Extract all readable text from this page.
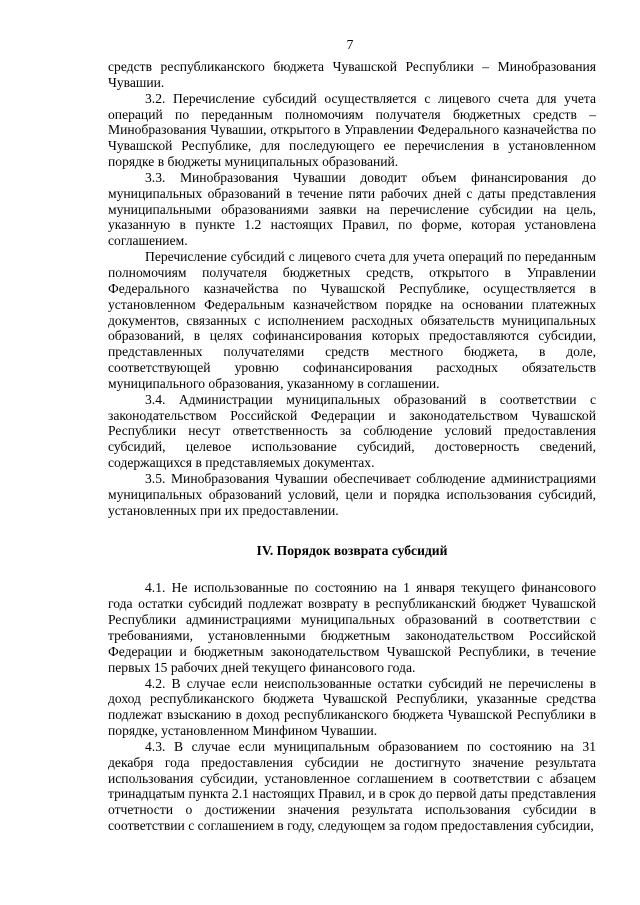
7

средств республиканского бюджета Чувашской Республики – Минобразования Чувашии.

3.2. Перечисление субсидий осуществляется с лицевого счета для учета операций по переданным полномочиям получателя бюджетных средств – Минобразования Чувашии, открытого в Управлении Федерального казначейства по Чувашской Республике, для последующего ее перечисления в установленном порядке в бюджеты муниципальных образований.

3.3. Минобразования Чувашии доводит объем финансирования до муниципальных образований в течение пяти рабочих дней с даты представления муниципальными образованиями заявки на перечисление субсидии на цель, указанную в пункте 1.2 настоящих Правил, по форме, которая установлена соглашением.

Перечисление субсидий с лицевого счета для учета операций по переданным полномочиям получателя бюджетных средств, открытого в Управлении Федерального казначейства по Чувашской Республике, осуществляется в установленном Федеральным казначейством порядке на основании платежных документов, связанных с исполнением расходных обязательств муниципальных образований, в целях софинансирования которых предоставляются субсидии, представленных получателями средств местного бюджета, в доле, соответствующей уровню софинансирования расходных обязательств муниципального образования, указанному в соглашении.

3.4. Администрации муниципальных образований в соответствии с законодательством Российской Федерации и законодательством Чувашской Республики несут ответственность за соблюдение условий предоставления субсидий, целевое использование субсидий, достоверность сведений, содержащихся в представляемых документах.

3.5. Минобразования Чувашии обеспечивает соблюдение администрациями муниципальных образований условий, цели и порядка использования субсидий, установленных при их предоставлении.

IV. Порядок возврата субсидий

4.1. Не использованные по состоянию на 1 января текущего финансового года остатки субсидий подлежат возврату в республиканский бюджет Чувашской Республики администрациями муниципальных образований в соответствии с требованиями, установленными бюджетным законодательством Российской Федерации и бюджетным законодательством Чувашской Республики, в течение первых 15 рабочих дней текущего финансового года.

4.2. В случае если неиспользованные остатки субсидий не перечислены в доход республиканского бюджета Чувашской Республики, указанные средства подлежат взысканию в доход республиканского бюджета Чувашской Республики в порядке, установленном Минфином Чувашии.

4.3. В случае если муниципальным образованием по состоянию на 31 декабря года предоставления субсидии не достигнуто значение результата использования субсидии, установленное соглашением в соответствии с абзацем тринадцатым пункта 2.1 настоящих Правил, и в срок до первой даты представления отчетности о достижении значения результата использования субсидии в соответствии с соглашением в году, следующем за годом предоставления субсидии,
